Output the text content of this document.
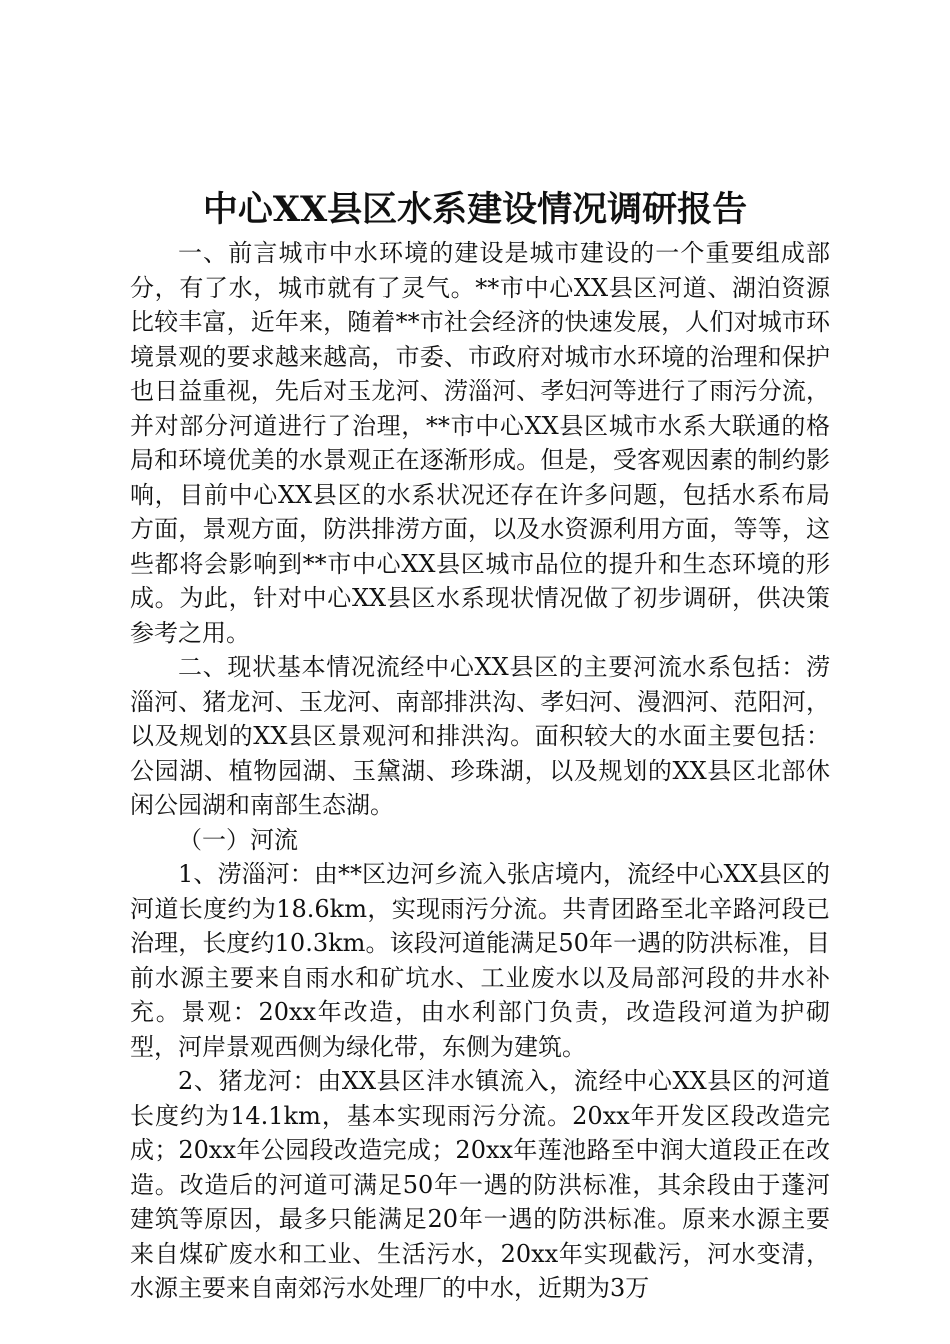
中心XX县区水系建设情况调研报告

一、前言城市中水环境的建设是城市建设的一个重要组成部分，有了水，城市就有了灵气。**市中心XX县区河道、湖泊资源比较丰富，近年来，随着**市社会经济的快速发展，人们对城市环境景观的要求越来越高，市委、市政府对城市水环境的治理和保护也日益重视，先后对玉龙河、涝淄河、孝妇河等进行了雨污分流，并对部分河道进行了治理，**市中心XX县区城市水系大联通的格局和环境优美的水景观正在逐渐形成。但是，受客观因素的制约影响，目前中心XX县区的水系状况还存在许多问题，包括水系布局方面，景观方面，防洪排涝方面，以及水资源利用方面，等等，这些都将会影响到**市中心XX县区城市品位的提升和生态环境的形成。为此，针对中心XX县区水系现状情况做了初步调研，供决策参考之用。

二、现状基本情况流经中心XX县区的主要河流水系包括：涝淄河、猪龙河、玉龙河、南部排洪沟、孝妇河、漫泗河、范阳河，以及规划的XX县区景观河和排洪沟。面积较大的水面主要包括：公园湖、植物园湖、玉黛湖、珍珠湖，以及规划的XX县区北部休闲公园湖和南部生态湖。

（一）河流

1、涝淄河：由**区边河乡流入张店境内，流经中心XX县区的河道长度约为18.6km，实现雨污分流。共青团路至北辛路河段已治理，长度约10.3km。该段河道能满足50年一遇的防洪标准，目前水源主要来自雨水和矿坑水、工业废水以及局部河段的井水补充。景观：20xx年改造，由水利部门负责，改造段河道为护砌型，河岸景观西侧为绿化带，东侧为建筑。

2、猪龙河：由XX县区沣水镇流入，流经中心XX县区的河道长度约为14.1km，基本实现雨污分流。20xx年开发区段改造完成；20xx年公园段改造完成；20xx年莲池路至中润大道段正在改造。改造后的河道可满足50年一遇的防洪标准，其余段由于蓬河建筑等原因，最多只能满足20年一遇的防洪标准。原来水源主要来自煤矿废水和工业、生活污水，20xx年实现截污，河水变清，水源主要来自南郊污水处理厂的中水，近期为3万
